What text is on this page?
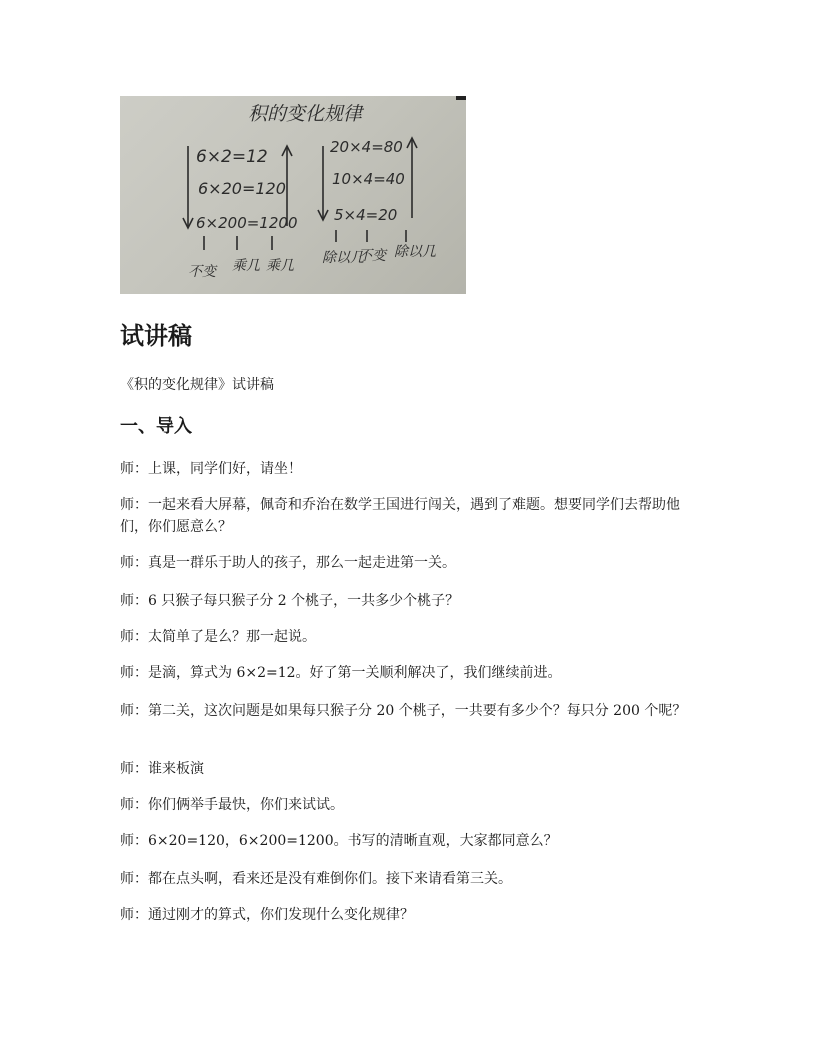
积的变化规律
6×2=12
6×20=120
6×200=1200
不变 乘几 乘几
20×4=80
10×4=40
5×4=20
除以几
不变 除以几
试讲稿

《积的变化规律》试讲稿

一、导入

师：上课，同学们好，请坐！

师：一起来看大屏幕，佩奇和乔治在数学王国进行闯关，遇到了难题。想要同学们去帮助他们，你们愿意么？

师：真是一群乐于助人的孩子，那么一起走进第一关。

师：6 只猴子每只猴子分 2 个桃子，一共多少个桃子？

师：太简单了是么？那一起说。

师：是滴，算式为 6×2=12。好了第一关顺利解决了，我们继续前进。

师：第二关，这次问题是如果每只猴子分 20 个桃子，一共要有多少个？每只分 200 个呢？

师：谁来板演

师：你们俩举手最快，你们来试试。

师：6×20=120，6×200=1200。书写的清晰直观，大家都同意么？

师：都在点头啊，看来还是没有难倒你们。接下来请看第三关。

师：通过刚才的算式，你们发现什么变化规律？
